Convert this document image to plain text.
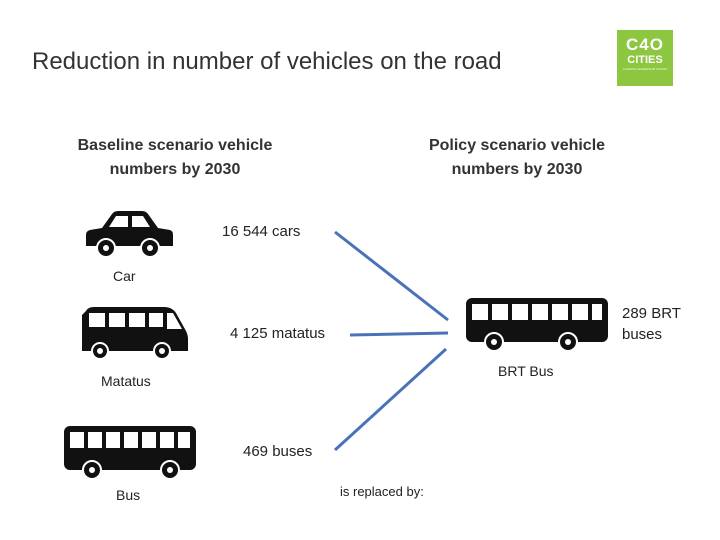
Reduction in number of vehicles on the road
C4O
CITIES
CLIMATE LEADERSHIP GROUP
Baseline scenario vehicle numbers by 2030
Policy scenario vehicle numbers by 2030
Car
16 544 cars
Matatus
4 125 matatus
Bus
469 buses
BRT Bus
289 BRT
buses
is replaced by:
